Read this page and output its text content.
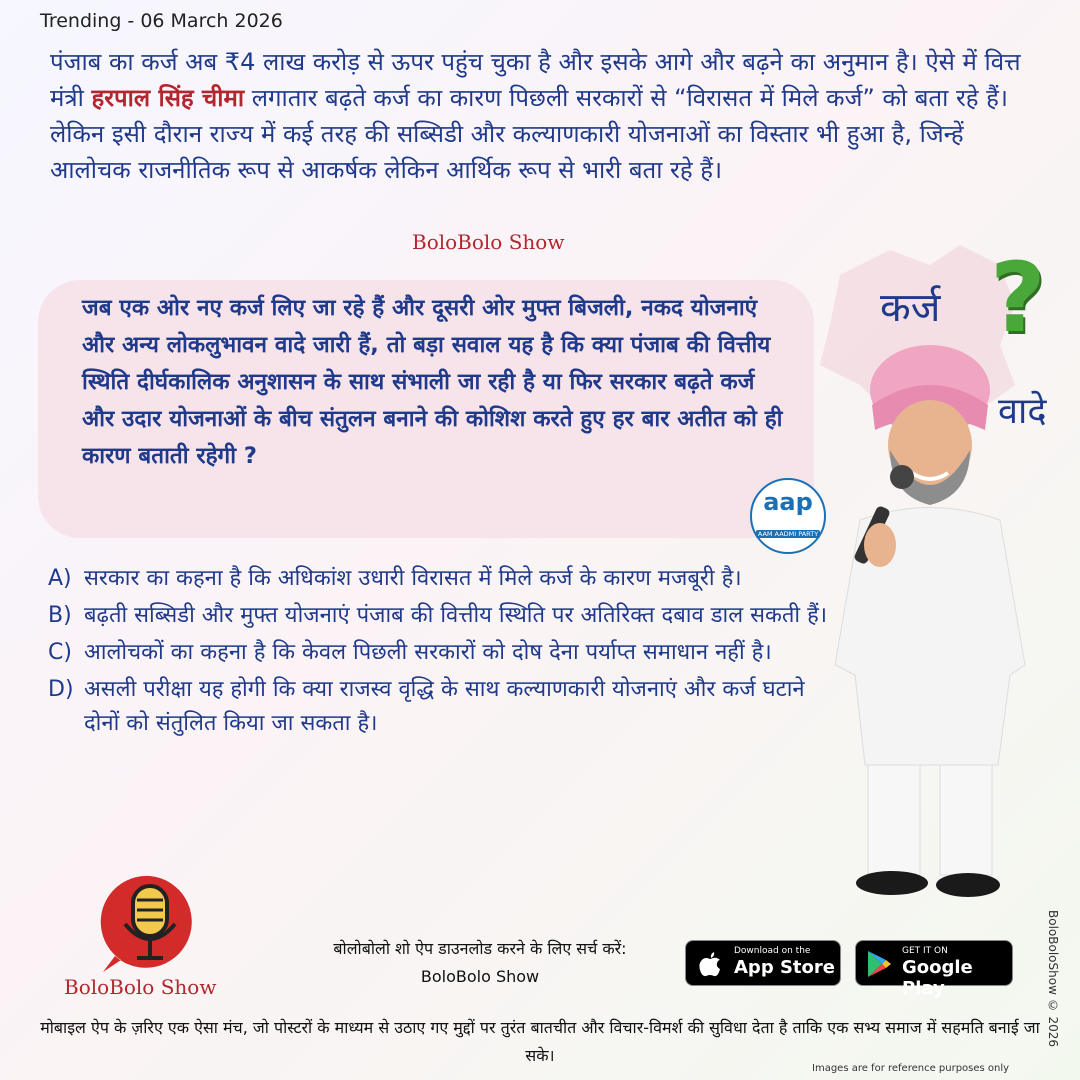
Trending - 06 March 2026

पंजाब का कर्ज अब ₹4 लाख करोड़ से ऊपर पहुंच चुका है और इसके आगे और बढ़ने का अनुमान है। ऐसे में वित्त मंत्री हरपाल सिंह चीमा लगातार बढ़ते कर्ज का कारण पिछली सरकारों से “विरासत में मिले कर्ज” को बता रहे हैं। लेकिन इसी दौरान राज्य में कई तरह की सब्सिडी और कल्याणकारी योजनाओं का विस्तार भी हुआ है, जिन्हें आलोचक राजनीतिक रूप से आकर्षक लेकिन आर्थिक रूप से भारी बता रहे हैं।

BoloBolo Show
कर्ज ?
वादे

जब एक ओर नए कर्ज लिए जा रहे हैं और दूसरी ओर मुफ्त बिजली, नकद योजनाएं और अन्य लोकलुभावन वादे जारी हैं, तो बड़ा सवाल यह है कि क्या पंजाब की वित्तीय स्थिति दीर्घकालिक अनुशासन के साथ संभाली जा रही है या फिर सरकार बढ़ते कर्ज और उदार योजनाओं के बीच संतुलन बनाने की कोशिश करते हुए हर बार अतीत को ही कारण बताती रहेगी ?

aap
AAM AADMI PARTY
A) सरकार का कहना है कि अधिकांश उधारी विरासत में मिले कर्ज के कारण मजबूरी है।
B) बढ़ती सब्सिडी और मुफ्त योजनाएं पंजाब की वित्तीय स्थिति पर अतिरिक्त दबाव डाल सकती हैं।
C) आलोचकों का कहना है कि केवल पिछली सरकारों को दोष देना पर्याप्त समाधान नहीं है।
D) असली परीक्षा यह होगी कि क्या राजस्व वृद्धि के साथ कल्याणकारी योजनाएं और कर्ज घटाने दोनों को संतुलित किया जा सकता है।
BoloBolo Show
बोलोबोलो शो ऐप डाउनलोड करने के लिए सर्च करें:
BoloBolo Show
Download on the
App Store
GET IT ON
Google Play

मोबाइल ऐप के ज़रिए एक ऐसा मंच, जो पोस्टरों के माध्यम से उठाए गए मुद्दों पर तुरंत बातचीत और विचार-विमर्श की सुविधा देता है ताकि एक सभ्य समाज में सहमति बनाई जा सके।

BoloBoloShow © 2026
Images are for reference purposes only
